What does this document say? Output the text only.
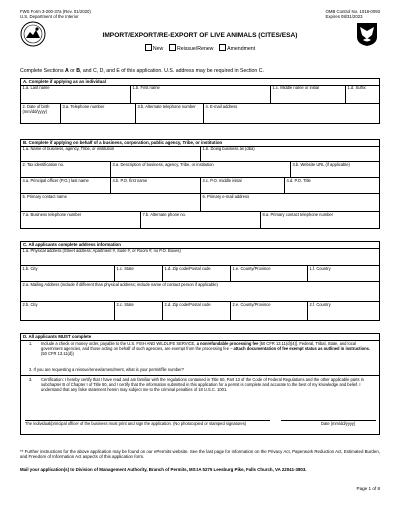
FWS Form 3-200-37a (Rev. 01/2020)
U.S. Department of the Interior
OMB Control No. 1018-0093
Expires 08/31/2023
IMPORT/EXPORT/RE-EXPORT OF LIVE ANIMALS (CITES/ESA)
New	Reissue/Renew	Amendment
Complete Sections A or B, and C, D, and E of this application. U.S. address may be required in Section C.
A. Complete if applying as an individual
1.a. Last name	1.b. First name	1.c. Middle name or initial	1.d. Suffix
2. Date of birth (mm/dd/yyyy)
3.a. Telephone number	3.b. Alternate telephone number	4. E-mail address
B. Complete if applying on behalf of a business, corporation, public agency, Tribe, or institution
1.a. Name of business, agency, Tribe, or institution	1.b. Doing business as (dba)
2. Tax identification no.	3.a. Description of business, agency, Tribe, or institution	3.b. Website URL (if applicable)
4.a. Principal officer (P.O.) last name	4.b. P.O. first name	4.c. P.O. middle initial	4.d. P.O. Title
5. Primary contact name	6. Primary e-mail address
7.a. Business telephone number	7.b. Alternate phone no.	8.a. Primary contact telephone number
C. All applicants complete address information
1.a. Physical address (Street address; Apartment #, Suite #, or Room #; no P.O. Boxes)
1.b. City	1.c. State	1.d. Zip code/Postal code	1.e. County/Province	1.f. Country
2.a. Mailing Address (include if different than physical address; include name of contact person if applicable)
2.b. City	2.c. State	2.d. Zip code/Postal code	2.e. County/Province	2.f. Country
D. All applicants MUST complete
1.	Include a check or money order, payable to the U.S. FISH AND WILDLIFE SERVICE, a nonrefundable processing fee [50 CFR 13.11(d)(4)]. Federal, Tribal, State, and local government agencies, and those acting on behalf of such agencies, are exempt from the processing fee – attach documentation of fee exempt status as outlined in instructions. (50 CFR 13.11(d))
2. If you are requesting a reissue/renew/amendment, what is your permit/file number?
3.	Certification: I hereby certify that I have read and am familiar with the regulations contained in Title 50, Part 13 of the Code of Federal Regulations and the other applicable parts in subchapter B of Chapter I of Title 50, and I certify that the information submitted in this application for a permit is complete and accurate to the best of my knowledge and belief. I understand that any false statement herein may subject me to the criminal penalties of 18 U.S.C. 1001.
The individual/principal officer of the business must print and sign the application. (No photocopied or stamped signatures)	Date (mm/dd/yyyy)
** Further instructions for the above application may be found on our ePermits website. See the last page for information on the Privacy Act, Paperwork Reduction Act, Estimated Burden, and Freedom of Information Act aspects of this application form.
Mail your application(s) to Division of Management Authority, Branch of Permits, MS:IA 5275 Leesburg Pike, Falls Church, VA 22041-3803.
Page 1 of 8
